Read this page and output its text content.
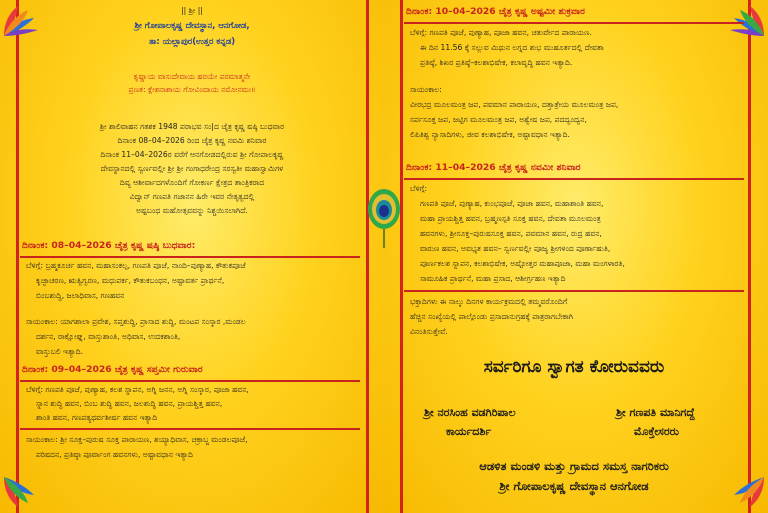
|| ಶ್ರೀ ||
ಶ್ರೀ ಗೋಪಾಲಕೃಷ್ಣ ದೇವಸ್ಥಾನ, ಆನಗೋಡ,
ತಾ: ಯಲ್ಲಾಪುರ(ಉತ್ತರ ಕನ್ನಡ)
ಕೃಷ್ಣಾಯ ವಾಸುದೇವಾಯ ಹರಯೇ ಪರಮಾತ್ಮನೇ
ಪ್ರಣತ: ಕ್ಲೇಶನಾಶಾಯ ಗೋವಿಂದಾಯ ನಮೋನಮಃ॥
ಶ್ರೀ ಶಾಲಿವಾಹನ ಗತಶಕ 1948 ಪರಾಭವ ಸಂ|ದ ಚೈತ್ರ ಕೃಷ್ಣ ಷಷ್ಠಿ ಬುಧವಾರ
ದಿನಾಂಕ 08–04–2026 ರಿಂದ ಚೈತ್ರ ಕೃಷ್ಣ ನವಮಿ ಶನಿವಾರ
ದಿನಾಂಕ 11–04–2026ರ ವರೆಗೆ ಆನಗೋಡದಲ್ಲಿರುವ ಶ್ರೀ ಗೋಪಾಲಕೃಷ್ಣ
ದೇವಸ್ಥಾನದಲ್ಲಿ ಸ್ವರ್ಣವಲ್ಲೀ ಶ್ರೀ ಶ್ರೀ ಗಂಗಾಧರೇಂದ್ರ ಸರಸ್ವತೀ ಮಹಾಸ್ವಾಮಿಗಳ
ದಿವ್ಯ ಆಶೀರ್ವಾದಗಳೊಂದಿಗೆ ಗೋಕರ್ಣ ಕ್ಷೇತ್ರದ ತಾಂತ್ರಿಕರಾದ
ವಿದ್ವಾನ್ ಗಣಪತಿ ಗಜಾನನ ಹಿರೇ ಇವರ ನೇತೃತ್ವದಲ್ಲಿ
ಅಷ್ಟಬಂಧ ಮಹೋತ್ಸವವನ್ನು ನಿಶ್ಚಯಿಸಲಾಗಿದೆ.
ದಿನಾಂಕ: 08–04–2026 ಚೈತ್ರ ಕೃಷ್ಣ ಷಷ್ಠಿ ಬುಧವಾರ:
ಬೆಳಿಗ್ಗೆ: ಬ್ರಹ್ಮಕೂರ್ಚ ಹವನ, ಮಹಾಸಂಕಲ್ಪ, ಗಣಪತಿ ಪೂಜೆ, ನಾಂದಿ–ಪುಣ್ಯಾಹ, ಕೌತುಕಪೂಜೆ
ಕೃಚ್ಛಾಚರಣ, ಋತ್ವಿಗ್ವರಣ, ಮಧುಪರ್ಕ, ಕೌತುಕಬಂಧನ, ಅಷ್ಟಾವರ್ತ ಪ್ರಾರ್ಥನೆ,
ಬಿಂಬಶುದ್ಧಿ, ಜಲಾಧಿವಾಸ, ಗಣಹವನ
ಸಾಯಂಕಾಲ: ಯಾಗಶಾಲಾ ಪ್ರವೇಶ, ಸಪ್ತಶುದ್ಧಿ, ಪ್ರಾಸಾದ ಶುದ್ಧಿ, ಮಂಟಪ ಸಂಸ್ಕಾರ ,ಮಂಡಲ
ದರ್ಶನ, ರಾಕ್ಷೋಘ್ನ, ವಾಸ್ತುಶಾಂತಿ, ಅಧಿವಾಸ, ಉದಕಶಾಂತಿ,
ವಾಸ್ತುಬಲಿ ಇತ್ಯಾದಿ.
ದಿನಾಂಕ: 09–04–2026 ಚೈತ್ರ ಕೃಷ್ಣ ಸಪ್ತಮೀ ಗುರುವಾರ
ಬೆಳಿಗ್ಗೆ: ಗಣಪತಿ ಪೂಜೆ, ಪುಣ್ಯಾಹ, ಕಲಶ ಸ್ನಾಪನ, ಅಗ್ನಿ ಜನನ, ಅಗ್ನಿ ಸಂಸ್ಕಾರ, ಪೂಜಾ ಹವನ,
ಸ್ನಾನ ಶುದ್ಧಿ ಹವನ, ಬಿಂಬ ಶುದ್ಧಿ ಹವನ, ಜಲಶುದ್ಧಿ ಹವನ, ಪ್ರಾಯಶ್ಚಿತ್ತ ಹವನ,
ಶಾಂತಿ ಹವನ, ಗಣಪತ್ಯಥರ್ವಶೀರ್ಷ ಹವನ ಇತ್ಯಾದಿ
ಸಾಯಂಕಾಲ: ಶ್ರೀ ಸೂಕ್ತ–ಪುರುಷ ಸೂಕ್ತ ಪಾರಾಯಣ, ಶಯ್ಯಾಧಿವಾಸ, ಚಕ್ರಾಬ್ಜ ಮಂಡಲಪೂಜೆ,
ಪರಿಷದನ, ಪ್ರತಿಷ್ಠಾ ಪೂರ್ವಾಂಗ ಹವನಗಳು, ಅಷ್ಟಾವಧಾನ ಇತ್ಯಾದಿ
ದಿನಾಂಕ: 10–04–2026 ಚೈತ್ರ ಕೃಷ್ಣ ಅಷ್ಟಮೀ ಶುಕ್ರವಾರ
ಬೆಳಿಗ್ಗೆ: ಗಣಪತಿ ಪೂಜೆ, ಪುಣ್ಯಾಹ, ಪೂಜಾ ಹವನ, ಚತುರ್ವೇದ ಪಾರಾಯಣ.
ಈ ದಿನ 11.56 ಕ್ಕೆ ಸಲ್ಲುವ ಮಿಥುನ ಲಗ್ನದ ಶುಭ ಮುಹೂರ್ತದಲ್ಲಿ ದೇವತಾ
ಪ್ರತಿಷ್ಠೆ, ಶಿಖರ ಪ್ರತಿಷ್ಠೆ–ಕಲಶಾಭಿಷೇಕ, ಕಲಾವೃದ್ಧಿ ಹವನ ಇತ್ಯಾದಿ.
ಸಾಯಂಕಾಲ:
ವೀರಭದ್ರ ಮೂಲಮಂತ್ರ ಜಪ, ಪವಮಾನ ಪಾರಾಯಣ, ದತ್ತಾತ್ರೇಯ ಮೂಲಮಂತ್ರ ಜಪ,
ಸರ್ಪಸೂಕ್ತ ಜಪ, ಜಟ್ಟಿಗ ಮೂಲಮಂತ್ರ ಜಪ, ಅಶ್ವೇಷ ಜಪ, ಪದದ್ವಂದ್ವನ,
ಲಿಪಿತಿಶ್ವ ನ್ಯಾಸಾದಿಗಳು, ಜೀವ ಕಲಶಾಭಿಷೇಕ, ಅಷ್ಟಾವಧಾನ ಇತ್ಯಾದಿ.
ದಿನಾಂಕ: 11–04–2026 ಚೈತ್ರ ಕೃಷ್ಣ ನವಮೀ ಶನಿವಾರ
ಬೆಳಿಗ್ಗೆ:
ಗಣಪತಿ ಪೂಜೆ, ಪುಣ್ಯಾಹ, ಕುಂಭಪೂಜೆ, ಪೂಜಾ ಹವನ, ಮಹಾಶಾಂತಿ ಹವನ,
ಮಹಾ ಪ್ರಾಯಶ್ಚಿತ್ತ ಹವನ, ಬ್ರಹ್ಮಣಸ್ಪತಿ ಸೂಕ್ತ ಹವನ, ದೇವತಾ ಮೂಲಮಂತ್ರ
ಹವನಗಳು, ಶ್ರೀಸೂಕ್ತ–ಪುರುಷಸೂಕ್ತ ಹವನ, ಪವಮಾನ ಹವನ, ರುದ್ರ ಹವನ,
ವಾರುಣ ಹವನ, ಅವಭೃತ ಹವನ– ಸ್ವರ್ಣವಲ್ಲೀ ಪೂಜ್ಯ ಶ್ರೀಗಳಿಂದ ಪೂರ್ಣಾಹುತಿ,
ಪೂರ್ಣಕಲಶ ಸ್ನಾಪನ, ಕಲಶಾಭಿಷೇಕ, ಅಷ್ಟೋತ್ತರ ಮಹಾಪೂಜಾ, ಮಹಾ ಮಂಗಳಾರತಿ,
ಸಾಮೂಹಿಕ ಪ್ರಾರ್ಥನೆ, ಮಹಾ ಪ್ರಸಾದ, ಆಶೀರ್ಗ್ರಹಣ ಇತ್ಯಾದಿ
ಭಕ್ತಾದಿಗಳು ಈ ನಾಲ್ಕು ದಿನಗಳ ಕಾರ್ಯಕ್ರಮದಲ್ಲಿ ತಮ್ಮವರೊಂದಿಗೆ
ಹೆಚ್ಚಿನ ಸಂಖ್ಯೆಯಲ್ಲಿ ಪಾಲ್ಗೊಂಡು ಪ್ರಸಾದಾನುಗ್ರಹಕ್ಕೆ ಪಾತ್ರರಾಗಬೇಕಾಗಿ
ವಿನಂತಿಸುತ್ತೇವೆ.
ಸರ್ವರಿಗೂ ಸ್ವಾಗತ ಕೋರುವವರು
ಶ್ರೀ ನರಸಿಂಹ ವಡಗಿರಿಪಾಲ
ಕಾರ್ಯದರ್ಶಿ
ಶ್ರೀ ಗಣಪತಿ ಮಾನಿಗದ್ದೆ
ಮೊಕ್ತೇಸರರು
ಆಡಳಿತ ಮಂಡಳಿ ಮತ್ತು ಗ್ರಾಮದ ಸಮಸ್ತ ನಾಗರಿಕರು
ಶ್ರೀ ಗೋಪಾಲಕೃಷ್ಣ ದೇವಸ್ಥಾನ ಆನಗೋಡ
